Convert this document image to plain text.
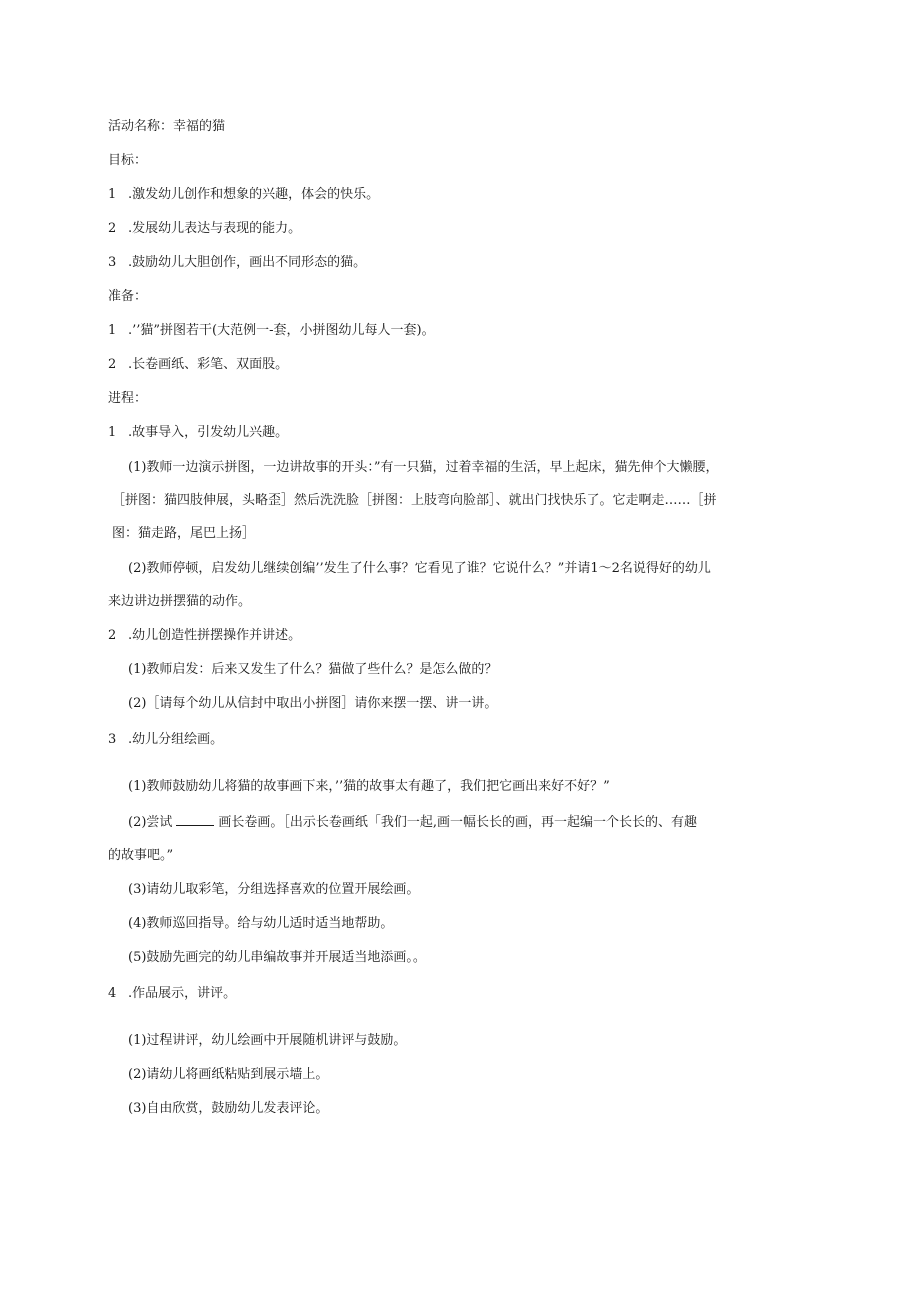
活动名称：幸福的猫
目标：
1 .激发幼儿创作和想象的兴趣，体会的快乐。
2 .发展幼儿表达与表现的能力。
3 .鼓励幼儿大胆创作，画出不同形态的猫。
准备：
1 .’’猫”拼图若干(大范例一-套，小拼图幼儿每人一套)。
2 .长卷画纸、彩笔、双面股。
进程：
1 .故事导入，引发幼儿兴趣。
(1)教师一边演示拼图，一边讲故事的开头：”有一只猫，过着幸福的生活，早上起床，猫先伸个大懒腰，
［拼图：猫四肢伸展，头略歪］然后洗洗脸［拼图：上肢弯向脸部］、就出门找快乐了。它走啊走……［拼
图：猫走路，尾巴上扬］
(2)教师停顿，启发幼儿继续创编’’发生了什么事？它看见了谁？它说什么？”并请1～2名说得好的幼儿
来边讲边拼摆猫的动作。
2 .幼儿创造性拼摆操作并讲述。
(1)教师启发：后来又发生了什么？猫做了些什么？是怎么做的？
(2)［请每个幼儿从信封中取出小拼图］请你来摆一摆、讲一讲。
3 .幼儿分组绘画。
(1)教师鼓励幼儿将猫的故事画下来，’’猫的故事太有趣了，我们把它画出来好不好？”
(2)尝试	画长卷画。［出示长卷画纸「我们一起,画一幅长长的画，再一起编一个长长的、有趣
的故事吧。”
(3)请幼儿取彩笔，分组选择喜欢的位置开展绘画。
(4)教师巡回指导。给与幼儿适时适当地帮助。
(5)鼓励先画完的幼儿串编故事并开展适当地添画。。
4 .作品展示，讲评。
(1)过程讲评，幼儿绘画中开展随机讲评与鼓励。
(2)请幼儿将画纸粘贴到展示墙上。
(3)自由欣赏，鼓励幼儿发表评论。
